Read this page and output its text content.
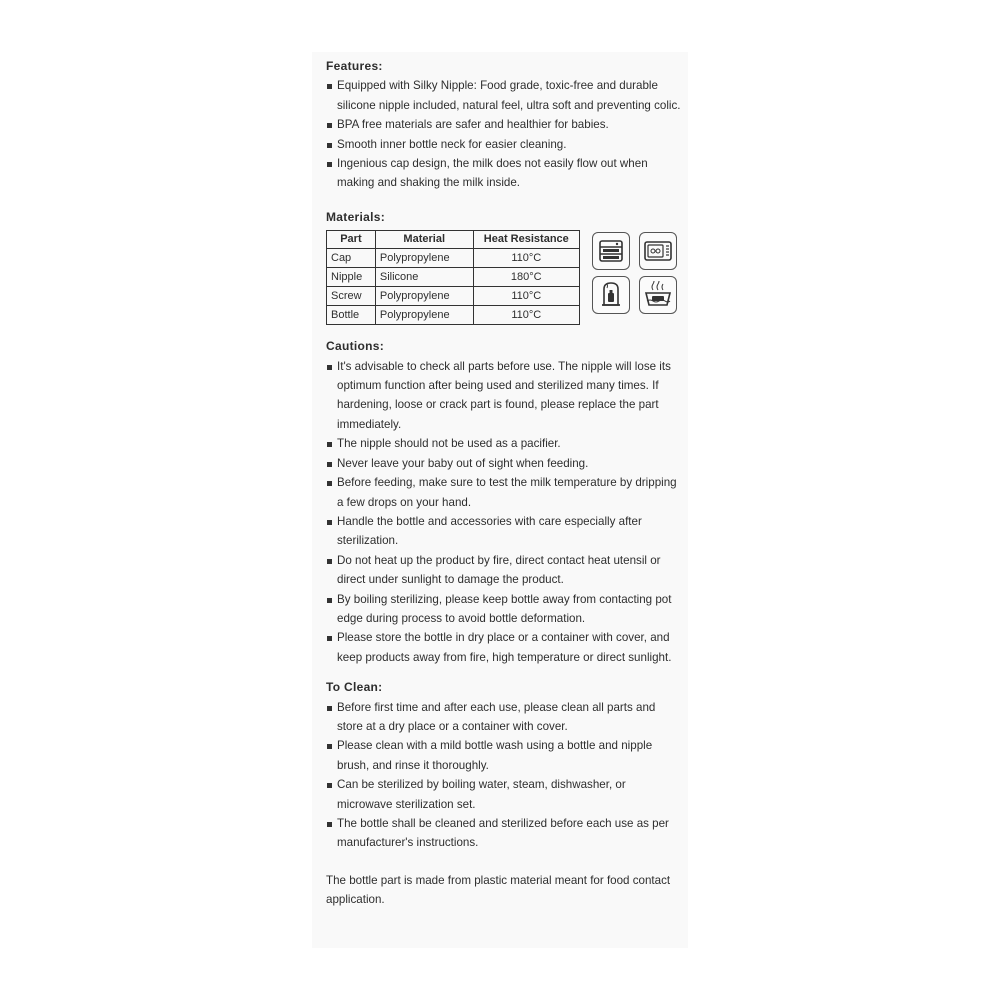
Features:

Equipped with Silky Nipple: Food grade, toxic-free and durable silicone nipple included, natural feel, ultra soft and preventing colic.
BPA free materials are safer and healthier for babies.
Smooth inner bottle neck for easier cleaning.
Ingenious cap design, the milk does not easily flow out when making and shaking the milk inside.

Materials:

Part	Material	Heat Resistance
Cap	Polypropylene	110°C
Nipple	Silicone	180°C
Screw	Polypropylene	110°C
Bottle	Polypropylene	110°C

Cautions:

It's advisable to check all parts before use. The nipple will lose its optimum function after being used and sterilized many times. If hardening, loose or crack part is found, please replace the part immediately.
The nipple should not be used as a pacifier.
Never leave your baby out of sight when feeding.
Before feeding, make sure to test the milk temperature by dripping a few drops on your hand.
Handle the bottle and accessories with care especially after sterilization.
Do not heat up the product by fire, direct contact heat utensil or direct under sunlight to damage the product.
By boiling sterilizing, please keep bottle away from contacting pot edge during process to avoid bottle deformation.
Please store the bottle in dry place or a container with cover, and keep products away from fire, high temperature or direct sunlight.

To Clean:

Before first time and after each use, please clean all parts and store at a dry place or a container with cover.
Please clean with a mild bottle wash using a bottle and nipple brush, and rinse it thoroughly.
Can be sterilized by boiling water, steam, dishwasher, or microwave sterilization set.
The bottle shall be cleaned and sterilized before each use as per manufacturer's instructions.

The bottle part is made from plastic material meant for food contact application.
